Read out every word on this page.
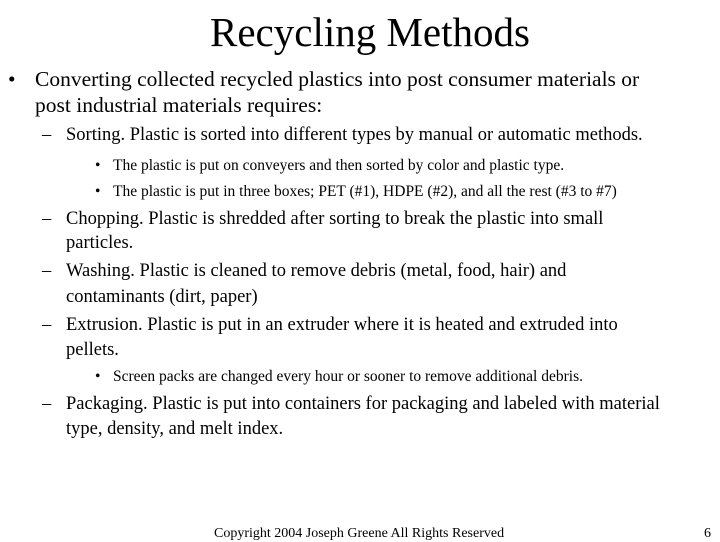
Recycling Methods
• Converting collected recycled plastics into post consumer materials or
post industrial materials requires:
– Sorting. Plastic is sorted into different types by manual or automatic methods.
• The plastic is put on conveyers and then sorted by color and plastic type.
• The plastic is put in three boxes; PET (#1), HDPE (#2), and all the rest (#3 to #7)
– Chopping. Plastic is shredded after sorting to break the plastic into small
particles.
– Washing. Plastic is cleaned to remove debris (metal, food, hair) and
contaminants (dirt, paper)
– Extrusion. Plastic is put in an extruder where it is heated and extruded into
pellets.
• Screen packs are changed every hour or sooner to remove additional debris.
– Packaging. Plastic is put into containers for packaging and labeled with material
type, density, and melt index.
Copyright 2004 Joseph Greene All Rights Reserved	6
